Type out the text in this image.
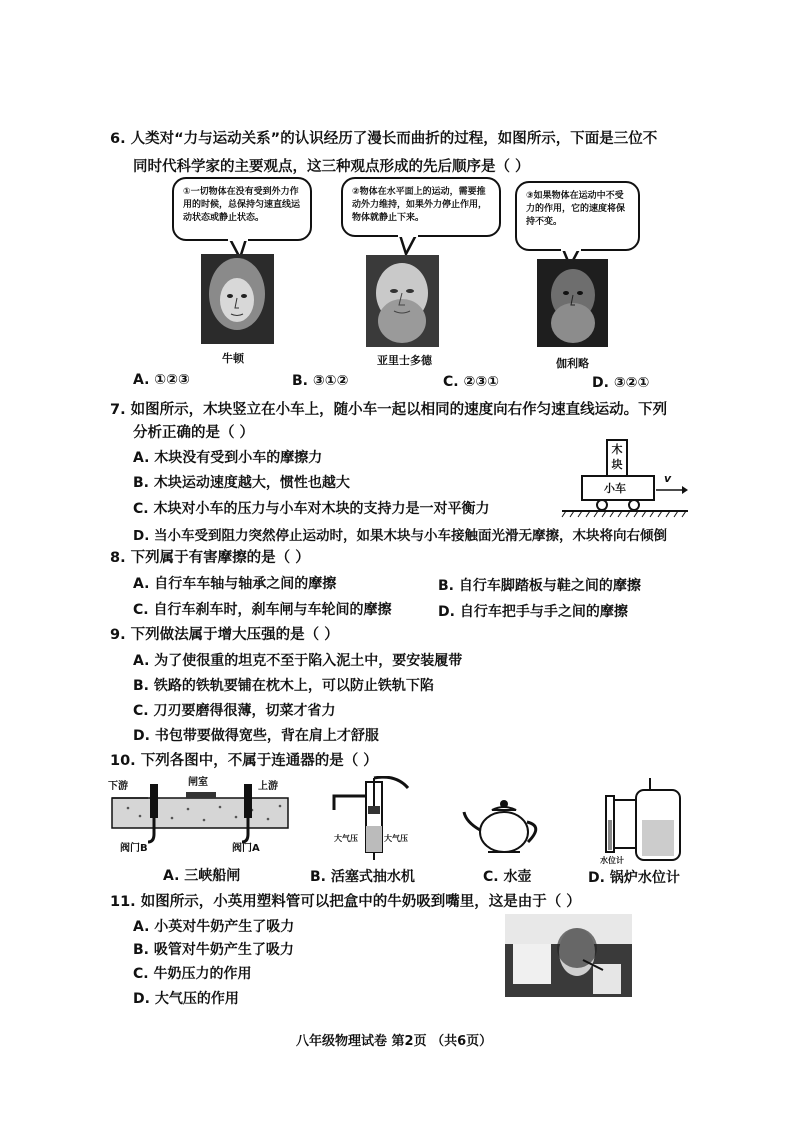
6. 人类对“力与运动关系”的认识经历了漫长而曲折的过程，如图所示，下面是三位不
同时代科学家的主要观点，这三种观点形成的先后顺序是（ ）
①一切物体在没有受到外力作用的时候，总保持匀速直线运动状态或静止状态。
②物体在水平面上的运动，需要推动外力维持，如果外力停止作用，物体就静止下来。
③如果物体在运动中不受力的作用，它的速度将保持不变。
牛顿	亚里士多德	伽利略
A. ①②③	B. ③①②	C. ②③①	D. ③②①
7. 如图所示，木块竖立在小车上，随小车一起以相同的速度向右作匀速直线运动。下列
分析正确的是（ ）
A. 木块没有受到小车的摩擦力
B. 木块运动速度越大，惯性也越大
C. 木块对小车的压力与小车对木块的支持力是一对平衡力
D. 当小车受到阻力突然停止运动时，如果木块与小车接触面光滑无摩擦，木块将向右倾倒
木块
小车
v
8. 下列属于有害摩擦的是（ ）
A. 自行车车轴与轴承之间的摩擦	B. 自行车脚踏板与鞋之间的摩擦
C. 自行车刹车时，刹车闸与车轮间的摩擦	D. 自行车把手与手之间的摩擦
9. 下列做法属于增大压强的是（ ）
A. 为了使很重的坦克不至于陷入泥土中，要安装履带
B. 铁路的铁轨要铺在枕木上，可以防止铁轨下陷
C. 刀刃要磨得很薄，切菜才省力
D. 书包带要做得宽些，背在肩上才舒服
10. 下列各图中，不属于连通器的是（ ）
下游	闸室	上游
阀门B	阀门A
大气压	大气压
水位计
A. 三峡船闸	B. 活塞式抽水机	C. 水壶	D. 锅炉水位计
11. 如图所示，小英用塑料管可以把盒中的牛奶吸到嘴里，这是由于（ ）
A. 小英对牛奶产生了吸力
B. 吸管对牛奶产生了吸力
C. 牛奶压力的作用
D. 大气压的作用
八年级物理试卷 第2页 （共6页）
